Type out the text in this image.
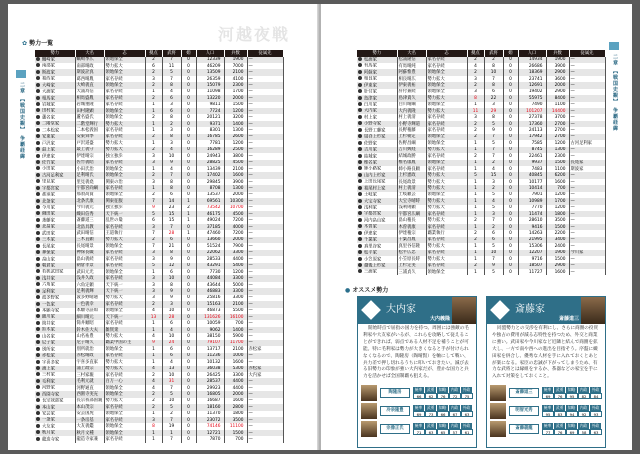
✿ 勢力一覧	河越夜戦
二章 【戦国史観】 争覇経緯
勢力	大名	志	拠点	武将	姫	人口	兵数	従属先
蠣崎家	蠣崎季広	領地保全	2	7	0	12339	1900	—
南部家	南部晴政	勢力拡大	6	11	0	46209	7000	—
斯波家	斯波詮真	領地保全	2	5	0	13509	2100	—
葛西家	葛西晴胤	家名存続	3	7	0	26359	4100	—
大崎家	大崎義直	領地保全	2	8	0	15079	2300	—
大浦家	大浦為信	家名存続	1	4	0	11098	1700	—
相馬家	相馬盛胤	家名存続	2	6	0	13220	2000	—
岩城家	岩城重隆	家名存続	1	3	0	9811	1500	—
田村家	田村隆顕	領地保全	1	6	0	7724	1200	—
蘆名家	蘆名盛氏	領地保全	2	8	0	20121	3200	—
二階堂家	二階堂輝行	勢力拡大	1	2	0	9371	1400	—
二本松家	二本松義国	家名存続	1	3	0	8301	1300	—
安東家	安東舜季	家名存続	2	8	0	16785	2600	—
戸沢家	戸沢道盛	勢力拡大	1	3	0	7781	1200	—
最上家	最上義守	勢力拡大	2	4	0	16289	2500	—
伊達家	伊達晴宗	独立独歩	3	10	0	24943	3800	—
佐竹家	佐竹義昭	家名存続	3	9	0	28825	4500	—
小田家	小田氏治	領地保全	1	4	0	13439	2100	—
古河足利家	足利晴氏	領地保全	2	7	0	17402	1600	—
里見家	里見義堯	関東の治	3	8	0	29845	3900	—
宇都宮家	宇都宮尚綱	家名存続	1	8	0	8708	1300	—
那須家	那須高資	領地保全	2	6	0	13537	2000	—
北条家	北条氏康	関東征服	7	14	1	69561	10300	—
今川家	今川義元	独立独歩	9	23	2	73542	10700	—
織田家	織田信秀	天下統一	5	15	1	46175	4500	—
斎藤家	斎藤道三	乱世の梟	6	15	1	49024	7200	—
北畠家	北畠具教	家名存続	3	7	0	37185	4000	—
武田家	武田晴信	王道執行	7	28	1	47460	7200	—
三木家	三木直頼	勢力拡大	2	6	0	13660	2000	—
長尾家	長尾晴景	領地保全	7	21	0	51524	7900	—
神保家	神保長職	家名存続	3	8	0	22062	3300	—
畠山家	畠山義続	家名存続	3	9	0	28533	4400	—
朝倉家	朝倉孝景	家名存続	5	12	0	43291	5400	—
若狭武田家	武田元光	領地保全	1	6	0	7730	1200	—
浅井家	浅井久政	家名存続	3	10	0	44084	3300	—
六角家	六角定頼	天下統一	3	8	0	43644	5000	—
足利家	足利義輝	天下統一	3	9	0	46883	3300	—
波多野家	波多野晴通	勢力拡大	3	9	0	25816	3300	—
一色家	一色義幸	家名存続	2	3	0	15163	2100	—
本願寺家	本願寺証如	領地保全	4	10	0	46873	5500	—
細川家	細川晴元	天下統一	13	28	0	131626	16100	—
筒井家	筒井順昭	家名存続	1	6	0	10059	700	—
鈴木家	鈴木佐大夫	雑賀衆	1	4	0	9062	1400	—
山名家	山名祐豊	勢力拡大	4	10	0	38150	5900	—
尼子家	尼子晴久	覇業中国の主	9	24	0	79107	11700	—
別所家	別所就治	領地保全	1	6	0	13717	2100	赤松家
赤松家	赤松晴政	家名存続	1	6	0	11236	1000	—
宇喜多家	宇喜多直家	勢力拡大	1	4	0	10132	1600	—
浦上家	浦上政宗	勢力拡大	4	13	0	36038	5300	赤松家
三村家	三村家親	家名存続	2	10	0	26425	3300	大内家
毛利家	毛利元就	百万一心	4	31	0	28537	4400	—
河野家	河野通直	領地保全	4	7	0	29923	4400	—
西園寺家	西園寺実充	領地保全	2	5	0	16805	2000	—
長宗我部家	長宗我部国親	勢力拡大	2	10	0	16687	1600	—
本山家	本山茂宗	家名存続	2	5	0	18160	2800	—
安芸家	安芸国虎	領地保全	1	2	0	11370	1800	—
一条家	一条房基	家名存続	3	7	0	23072	3500	—
大友家	大友義鑑	領地保全	8	19	0	74146	11100	—
秋月家	秋月文種	領地保全	1	1	0	12721	1500	—
龍造寺家	龍造寺家兼	家名存続	1	7	0	7870	700	—
二章 【戦国史観】 争覇経緯
勢力	大名	志	拠点	武将	姫	人口	兵数	従属先
松浦家	松浦隆信	家名存続	2	2	0	14934	1900	—
有馬家	有馬晴純	家名存続	4	8	0	26686	3900	—
阿蘇家	阿蘇惟豊	領地保全	2	10	0	18369	2900	—
相良家	相良晴広	勢力拡大	3	7	0	23741	3600	—
伊東家	伊東義祐	領地保全	2	8	0	12691	2000	—
肝付家	肝付兼続	領地保全	3	6	0	19402	2900	—
島津家	島津貴久	勢力拡大	8	22	0	55975	8400	—
白川家	白川晴綱	領地保全	1	3	0	7490	1100	—
大内家	大内義隆	勢力拡大	11	29	0	101207	14400	—
村上家	村上義清	家名存続	3	8	0	27378	3700	—
小野寺家	小野寺輝道	家名存続	2	5	0	17360	2700	—
長野工藤家	長野稙藤	家名存続	2	9	0	24113	2700	—
扇谷上杉家	上杉朝定	領地保全	2	7	0	17942	2700	—
佐野家	佐野昌綱	領地保全	1	5	0	7585	1200	古河足利家
吉川家	吉川興経	勢力拡大	1	7	0	8745	1300	—
結城家	結城政勝	家名存続	2	7	0	22461	2300	—
椎名家	椎名康胤	領地保全	1	2	0	9937	1500	長尾家
姉小路家	姉小路良頼	家名存続	1	4	0	7483	1100	斯波家
山内上杉家	上杉憲政	勢力拡大	5	15	0	40845	6200	—
上田長尾家	長尾政景	勢力拡大	1	3	0	10177	1600	—
葛尾村上家	村上義清	勢力拡大	1	2	0	10414	700	—
土岐家	土岐頼芸	領地保全	1	5	0	7901	1200	—
大宝寺家	大宝寺晴時	勢力拡大	1	4	0	10989	1700	—
浅利家	浅利則頼	勢力拡大	1	5	0	7770	1200	—
宇都宮家	宇都宮広綱	家名存続	1	3	0	11474	1800	—
河内畠山家	畠山稙長	勢力拡大	2	7	0	28610	3500	—
木曽家	木曽義康	家名存続	1	2	0	9416	1500	—
伊達家	伊達稙宗	覇業執行	2	6	0	14263	2200	—
千葉家	千葉昌胤	家名存続	2	6	0	21995	3400	—
真里谷家	真里谷信隆	勢力拡大	1	5	0	15306	2400	—
松平家	松平広忠	家名存続	1	10	0	12207	1900	今川家
小笠原家	小笠原長時	勢力拡大	1	7	0	9716	1500	—
越後上杉家	上杉定実	家名存続	2	9	0	18507	2900	—
三浦家	三浦貞久	領地保全	1	5	0	11727	1600	—
● オススメ勢力
大内家
大内義隆
開始時点で屈指の国力を持つ。周囲には強敵の毛利家や大友家がいるが、これらを攻略して従えることができれば、弱点である人材不足を補うことが可能。特に毛利家は勢力が大きくなると手が付けられなくなるので、陶隆房（陶晴賢）を軸にして戦い、兵力差で押し切れるうちに叩いておきたい。滅び去る旧勢力の印象が強い大内家だが、豊かな国力と兵力を活かせば全国制覇も狙える。
陶隆房
統率	武勇	知略	内政	外政
66	62	76	72	75
冷泉隆豊
統率	武勇	知略	内政	外政
69	73	66	67	63
宗像正氏
統率	武勇	知略	内政	外政
71	63	65	57	61
斎藤家
斎藤道三
同盟勢力との交渉を有利にし、さらに商圏の役買や独占の費用が減る志特性を持つため、外交と商業に強い。武田家や今川家など近隣と結んで商圏を拡大し、一方で南や西への進出を目指そう。序盤に織田家を併合し、優秀な人材を手に入れておくとあとが楽になる。家臣の忠誠が下がってしまうため、有力な武将とは縁組をするか、茶器などの家宝を手に入れて対策をしておくこと。
斎藤道三
統率	武勇	知略	内政	外政
69	76	95	82	84
明智光秀
統率	武勇	知略	内政	外政
95	83	94	92	93
斎藤義龍
統率	武勇	知略	内政	外政
77	76	69	58	63
